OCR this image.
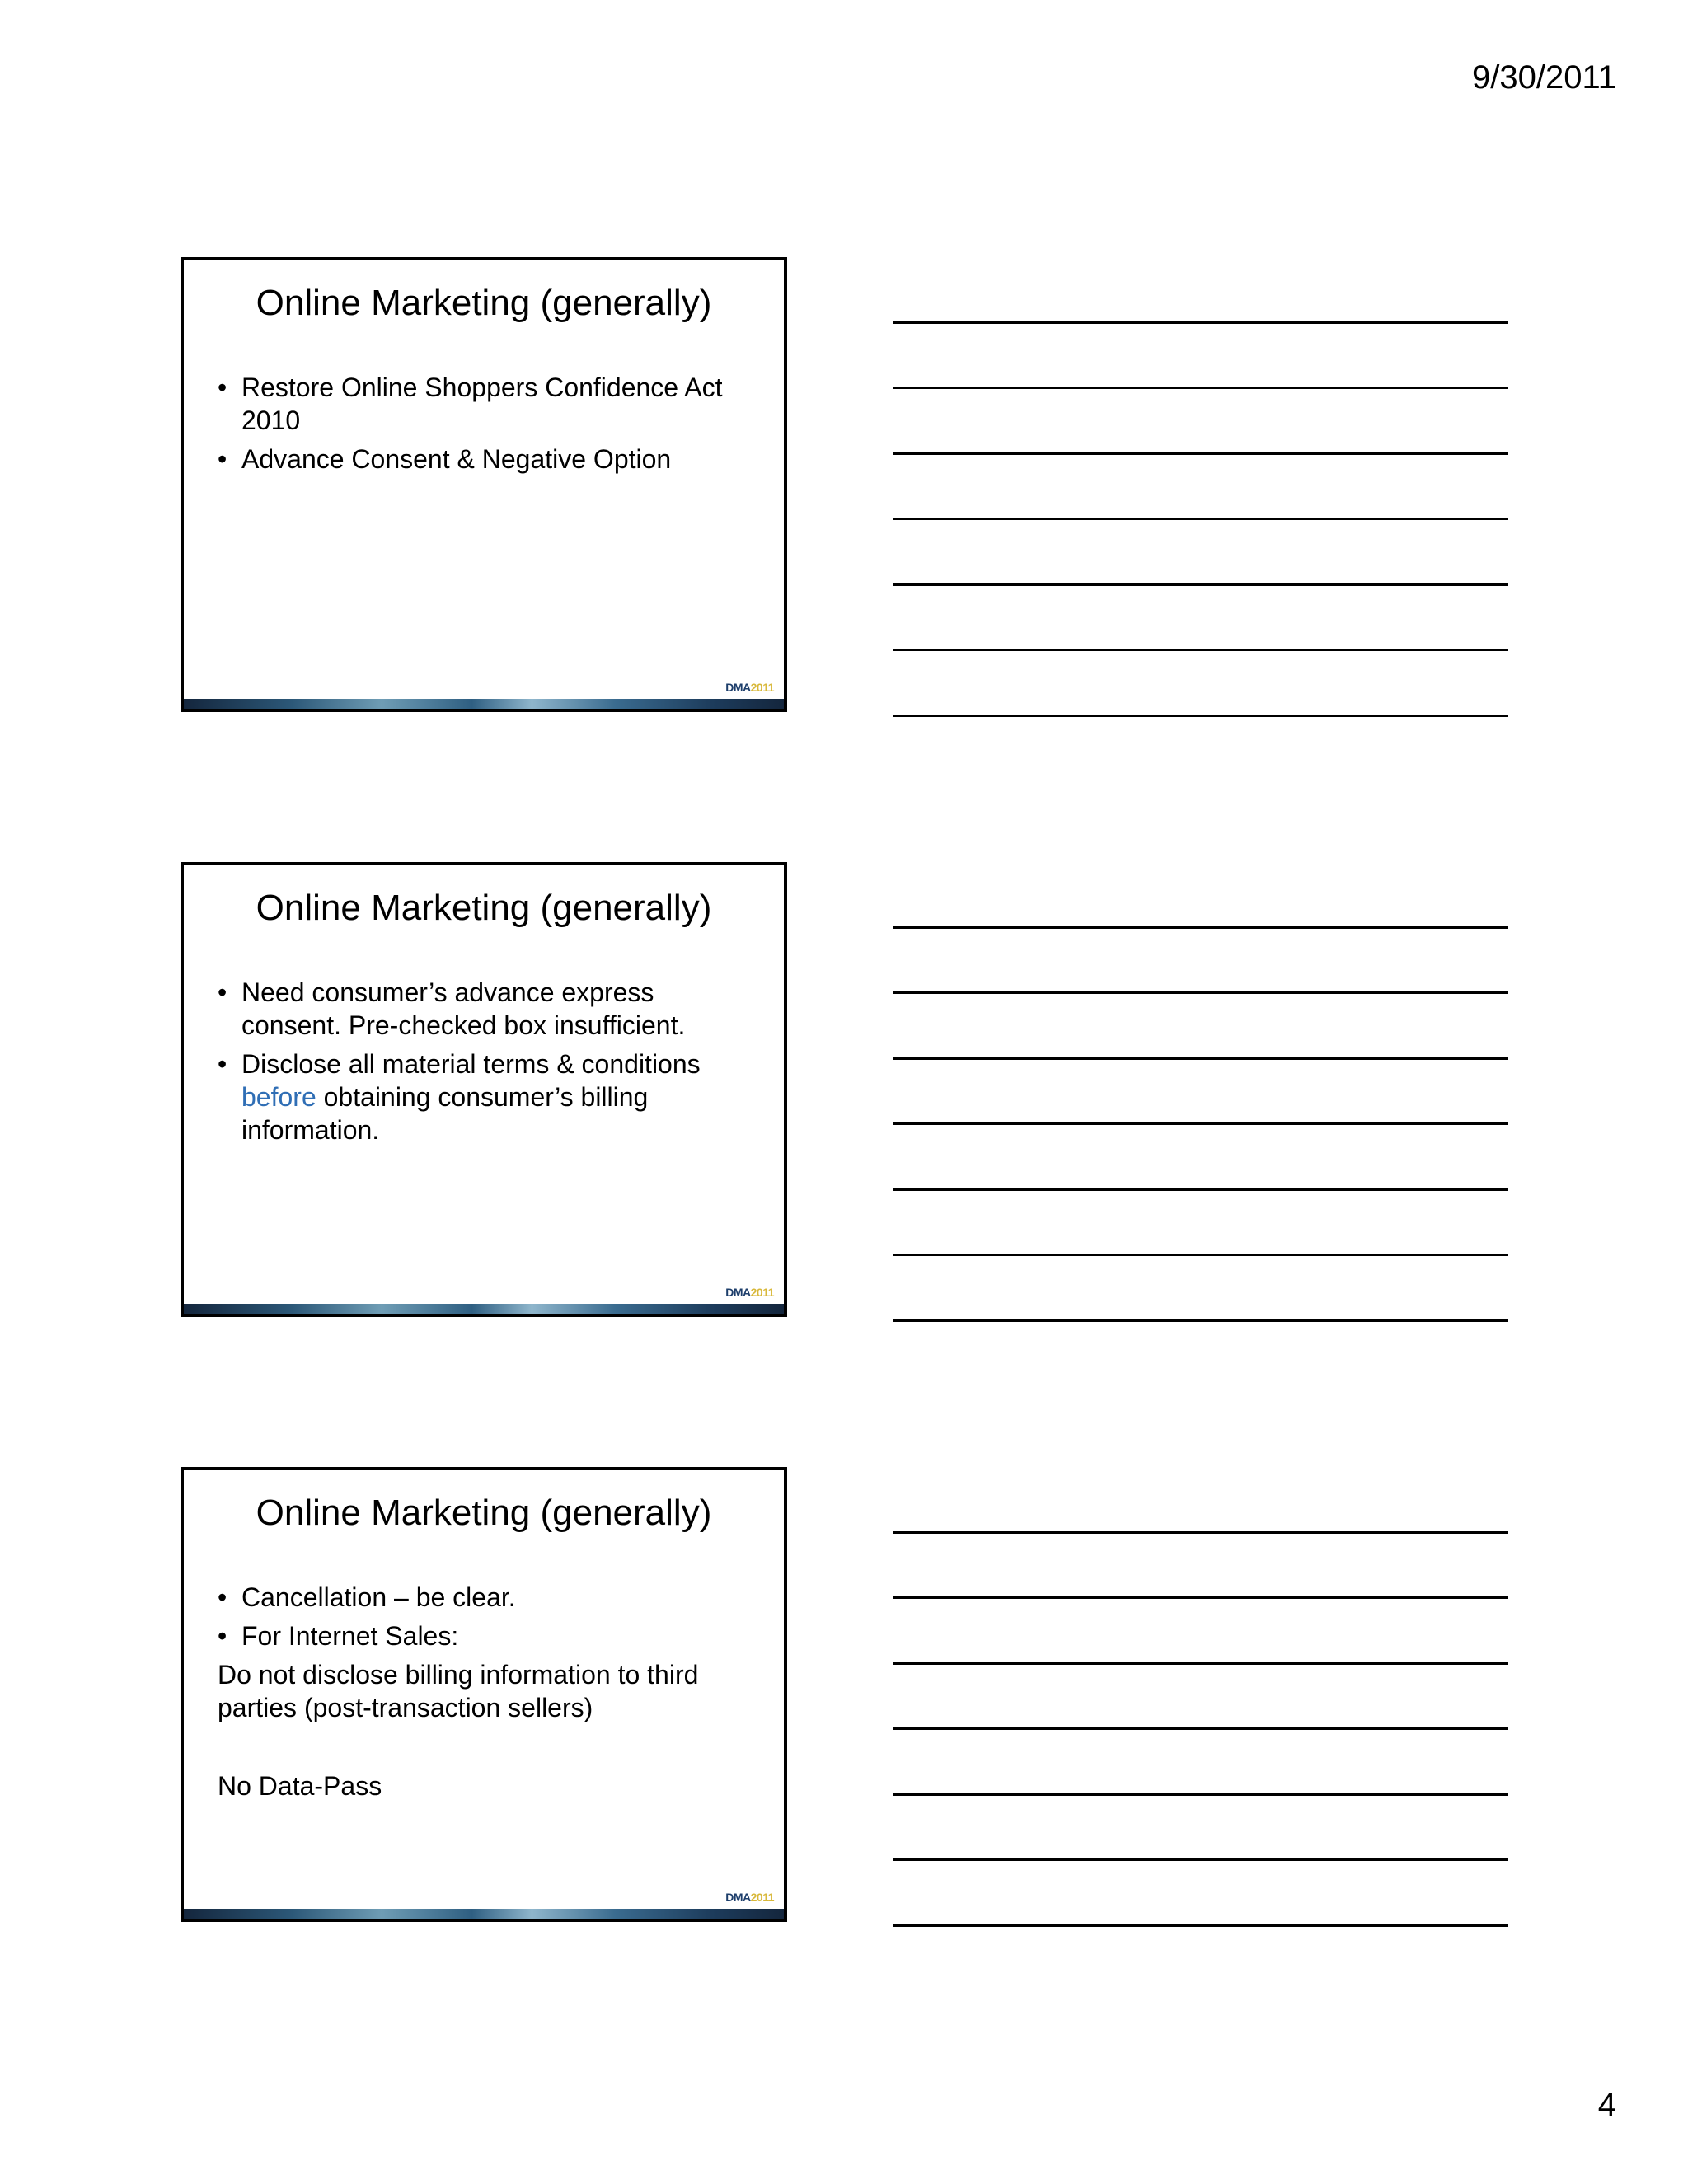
9/30/2011
Online Marketing (generally)
• Restore Online Shoppers Confidence Act 2010
• Advance Consent & Negative Option
DMA2011
Online Marketing (generally)
• Need consumer’s advance express consent. Pre-checked box insufficient.
• Disclose all material terms & conditions before obtaining consumer’s billing information.
DMA2011
Online Marketing (generally)
• Cancellation – be clear.
• For Internet Sales:
Do not disclose billing information to third parties (post-transaction sellers)
No Data-Pass
DMA2011
4
